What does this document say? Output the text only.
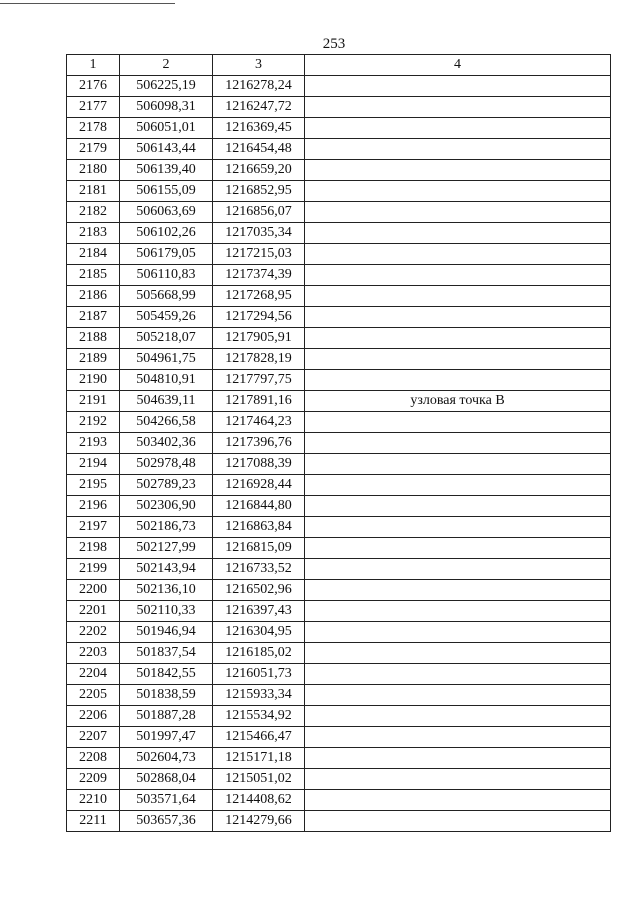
253
1	2	3	4
2176	506225,19	1216278,24	
2177	506098,31	1216247,72	
2178	506051,01	1216369,45	
2179	506143,44	1216454,48	
2180	506139,40	1216659,20	
2181	506155,09	1216852,95	
2182	506063,69	1216856,07	
2183	506102,26	1217035,34	
2184	506179,05	1217215,03	
2185	506110,83	1217374,39	
2186	505668,99	1217268,95	
2187	505459,26	1217294,56	
2188	505218,07	1217905,91	
2189	504961,75	1217828,19	
2190	504810,91	1217797,75	
2191	504639,11	1217891,16	узловая точка В
2192	504266,58	1217464,23	
2193	503402,36	1217396,76	
2194	502978,48	1217088,39	
2195	502789,23	1216928,44	
2196	502306,90	1216844,80	
2197	502186,73	1216863,84	
2198	502127,99	1216815,09	
2199	502143,94	1216733,52	
2200	502136,10	1216502,96	
2201	502110,33	1216397,43	
2202	501946,94	1216304,95	
2203	501837,54	1216185,02	
2204	501842,55	1216051,73	
2205	501838,59	1215933,34	
2206	501887,28	1215534,92	
2207	501997,47	1215466,47	
2208	502604,73	1215171,18	
2209	502868,04	1215051,02	
2210	503571,64	1214408,62	
2211	503657,36	1214279,66	
